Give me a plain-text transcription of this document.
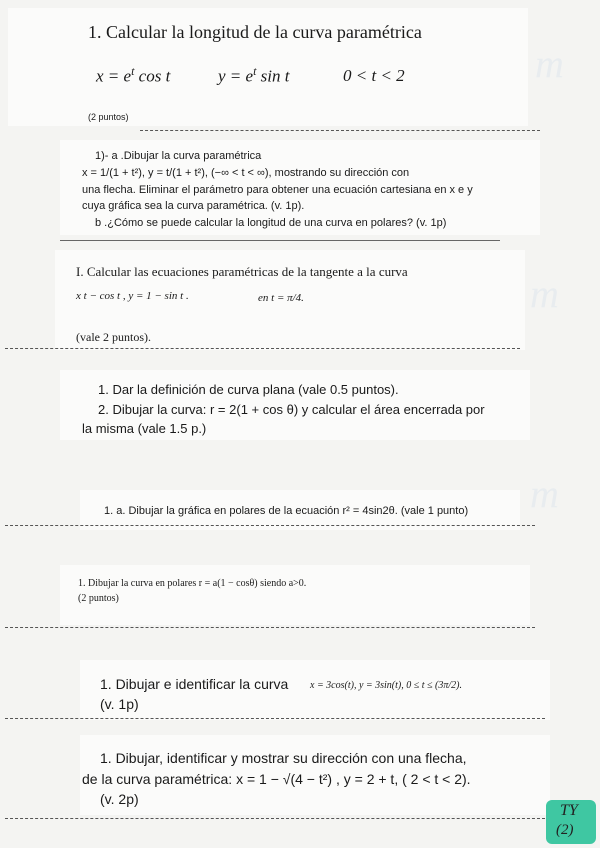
m
m
m
1. Calcular la longitud de la curva paramétrica
$x = e^t$ cos t	$y = e^t$ sin t	0 < t < 2
(2 puntos)
1)- a .Dibujar la curva paramétrica
x = 1/(1 + t²), y = t/(1 + t²), (−∞ < t < ∞), mostrando su dirección con
una flecha. Eliminar el parámetro para obtener una ecuación cartesiana en x e y
cuya gráfica sea la curva paramétrica. (v. 1p).
b .¿Cómo se puede calcular la longitud de una curva en polares? (v. 1p)
I. Calcular las ecuaciones paramétricas de la tangente a la curva
x t − cos t , y = 1 − sin t .	en t = π/4.
(vale 2 puntos).
1. Dar la definición de curva plana (vale 0.5 puntos).
2. Dibujar la curva: r = 2(1 + cos θ) y calcular el área encerrada por
la misma (vale 1.5 p.)
1. a. Dibujar la gráfica en polares de la ecuación r² = 4sin2θ. (vale 1 punto)
1. Dibujar la curva en polares r = a(1 − cosθ) siendo a>0.
(2 puntos)
1. Dibujar e identificar la curva x = 3cos(t), y = 3sin(t), 0 ≤ t ≤ (3π/2).
(v. 1p)
1. Dibujar, identificar y mostrar su dirección con una flecha,
de la curva paramétrica: x = 1 − √(4 − t²) , y = 2 + t, ( 2 < t < 2).
(v. 2p)
TY
(2)
